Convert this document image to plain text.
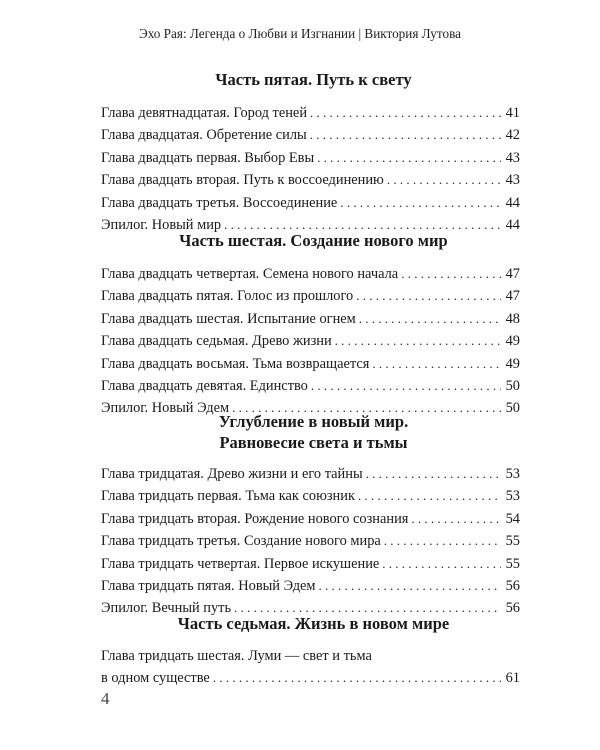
Эхо Рая: Легенда о Любви и Изгнании | Виктория Лутова
Часть пятая. Путь к свету
Глава девятнадцатая. Город теней . . .	41
Глава двадцатая. Обретение силы . . .	42
Глава двадцать первая. Выбор Евы . . .	43
Глава двадцать вторая. Путь к воссоединению . . .	43
Глава двадцать третья. Воссоединение . . .	44
Эпилог. Новый мир . . .	44
Часть шестая. Создание нового мир
Глава двадцать четвертая. Семена нового начала . . .	47
Глава двадцать пятая. Голос из прошлого . . .	47
Глава двадцать шестая. Испытание огнем . . .	48
Глава двадцать седьмая. Древо жизни . . .	49
Глава двадцать восьмая. Тьма возвращается . . .	49
Глава двадцать девятая. Единство . . .	50
Эпилог. Новый Эдем . . .	50
Углубление в новый мир.
Равновесие света и тьмы
Глава тридцатая. Древо жизни и его тайны . . .	53
Глава тридцать первая. Тьма как союзник . . .	53
Глава тридцать вторая. Рождение нового сознания . . .	54
Глава тридцать третья. Создание нового мира . . .	55
Глава тридцать четвертая. Первое искушение . . .	55
Глава тридцать пятая. Новый Эдем . . .	56
Эпилог. Вечный путь . . .	56
Часть седьмая. Жизнь в новом мире
Глава тридцать шестая. Луми — свет и тьма
в одном существе . . .	61
4
